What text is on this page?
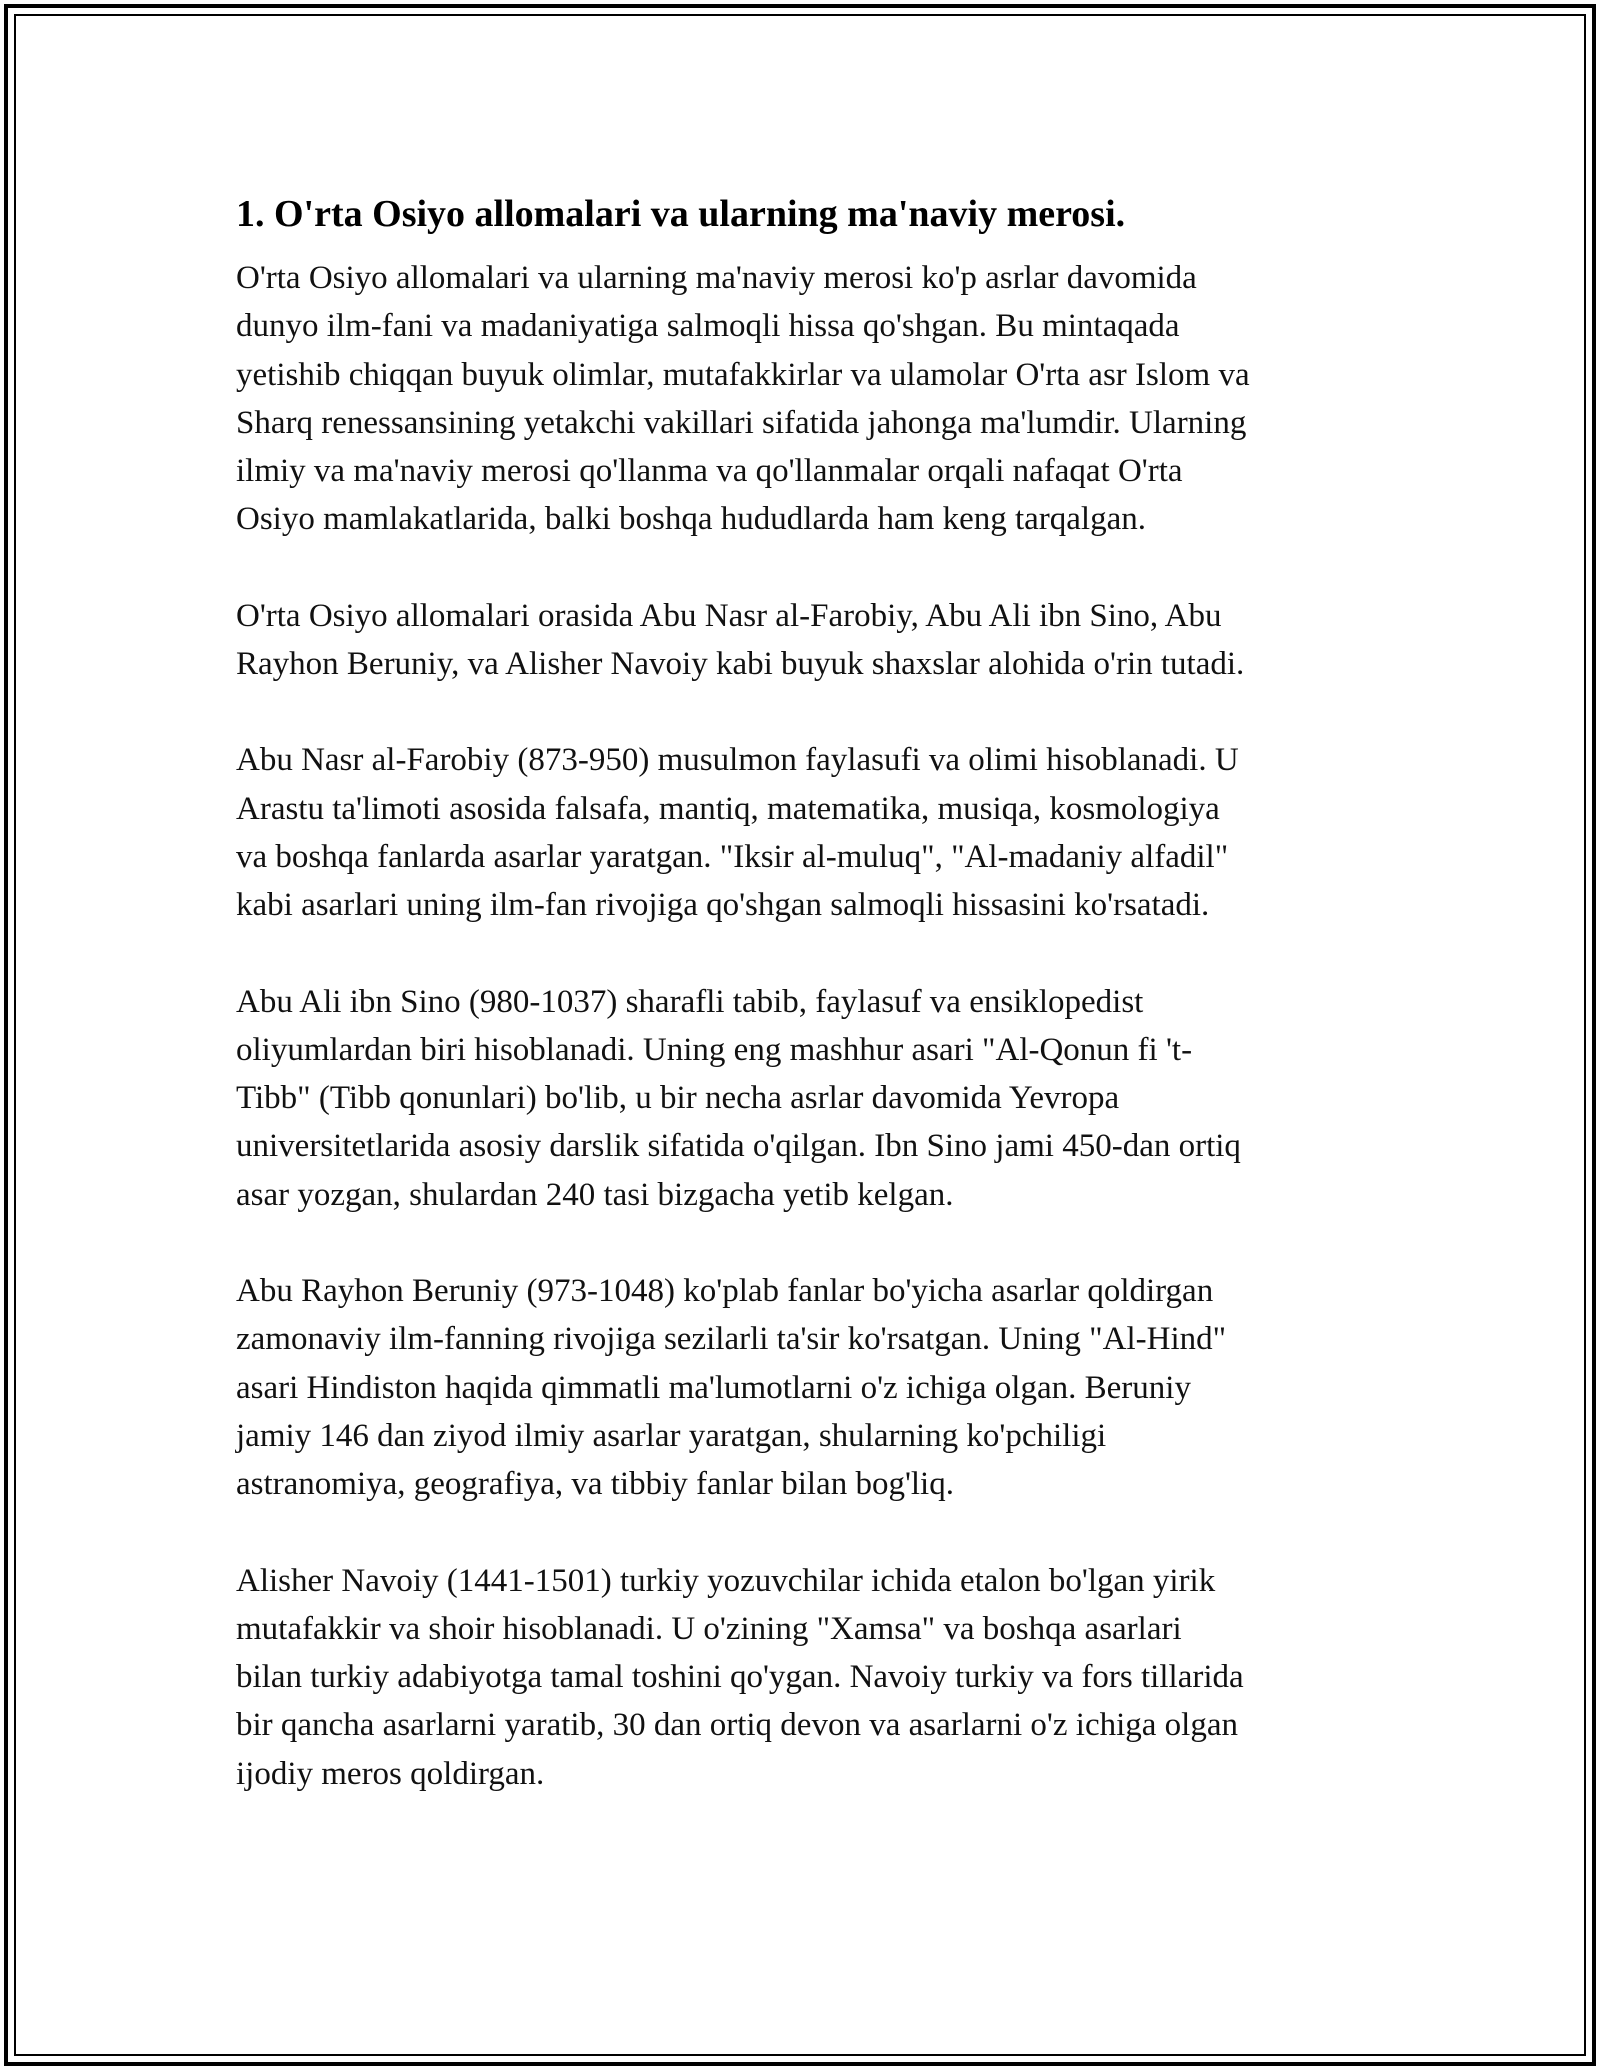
1. O'rta Osiyo allomalari va ularning ma'naviy merosi.

O'rta Osiyo allomalari va ularning ma'naviy merosi ko'p asrlar davomida
dunyo ilm-fani va madaniyatiga salmoqli hissa qo'shgan. Bu mintaqada
yetishib chiqqan buyuk olimlar, mutafakkirlar va ulamolar O'rta asr Islom va
Sharq renessansining yetakchi vakillari sifatida jahonga ma'lumdir. Ularning
ilmiy va ma'naviy merosi qo'llanma va qo'llanmalar orqali nafaqat O'rta
Osiyo mamlakatlarida, balki boshqa hududlarda ham keng tarqalgan.

O'rta Osiyo allomalari orasida Abu Nasr al-Farobiy, Abu Ali ibn Sino, Abu
Rayhon Beruniy, va Alisher Navoiy kabi buyuk shaxslar alohida o'rin tutadi.

Abu Nasr al-Farobiy (873-950) musulmon faylasufi va olimi hisoblanadi. U
Arastu ta'limoti asosida falsafa, mantiq, matematika, musiqa, kosmologiya
va boshqa fanlarda asarlar yaratgan. "Iksir al-muluq", "Al-madaniy alfadil"
kabi asarlari uning ilm-fan rivojiga qo'shgan salmoqli hissasini ko'rsatadi.

Abu Ali ibn Sino (980-1037) sharafli tabib, faylasuf va ensiklopedist
oliyumlardan biri hisoblanadi. Uning eng mashhur asari "Al-Qonun fi 't-
Tibb" (Tibb qonunlari) bo'lib, u bir necha asrlar davomida Yevropa
universitetlarida asosiy darslik sifatida o'qilgan. Ibn Sino jami 450-dan ortiq
asar yozgan, shulardan 240 tasi bizgacha yetib kelgan.

Abu Rayhon Beruniy (973-1048) ko'plab fanlar bo'yicha asarlar qoldirgan
zamonaviy ilm-fanning rivojiga sezilarli ta'sir ko'rsatgan. Uning "Al-Hind"
asari Hindiston haqida qimmatli ma'lumotlarni o'z ichiga olgan. Beruniy
jamiy 146 dan ziyod ilmiy asarlar yaratgan, shularning ko'pchiligi
astranomiya, geografiya, va tibbiy fanlar bilan bog'liq.

Alisher Navoiy (1441-1501) turkiy yozuvchilar ichida etalon bo'lgan yirik
mutafakkir va shoir hisoblanadi. U o'zining "Xamsa" va boshqa asarlari
bilan turkiy adabiyotga tamal toshini qo'ygan. Navoiy turkiy va fors tillarida
bir qancha asarlarni yaratib, 30 dan ortiq devon va asarlarni o'z ichiga olgan
ijodiy meros qoldirgan.
